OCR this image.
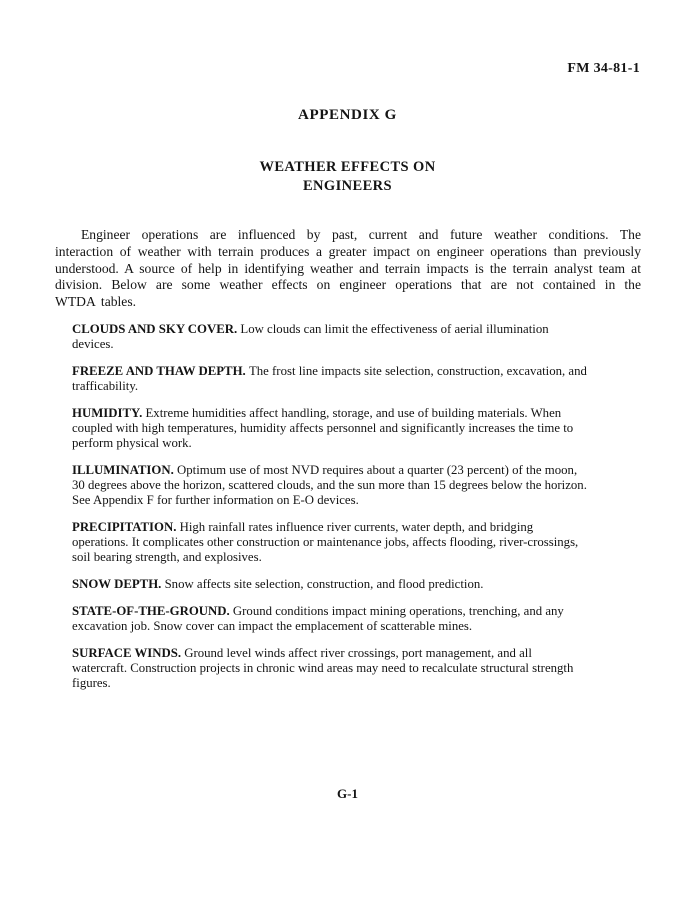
FM 34-81-1
APPENDIX G
WEATHER EFFECTS ON
ENGINEERS

Engineer operations are influenced by past, current and future weather conditions. The interaction of weather with terrain produces a greater impact on engineer operations than previously understood. A source of help in identifying weather and terrain impacts is the terrain analyst team at division. Below are some weather effects on engineer operations that are not contained in the WTDA tables.

CLOUDS AND SKY COVER. Low clouds can limit the effectiveness of aerial illumination devices.

FREEZE AND THAW DEPTH. The frost line impacts site selection, construction, excavation, and trafficability.

HUMIDITY. Extreme humidities affect handling, storage, and use of building materials. When coupled with high temperatures, humidity affects personnel and significantly increases the time to perform physical work.

ILLUMINATION. Optimum use of most NVD requires about a quarter (23 percent) of the moon, 30 degrees above the horizon, scattered clouds, and the sun more than 15 degrees below the horizon. See Appendix F for further information on E-O devices.

PRECIPITATION. High rainfall rates influence river currents, water depth, and bridging operations. It complicates other construction or maintenance jobs, affects flooding, river-crossings, soil bearing strength, and explosives.

SNOW DEPTH. Snow affects site selection, construction, and flood prediction.

STATE-OF-THE-GROUND. Ground conditions impact mining operations, trenching, and any excavation job. Snow cover can impact the emplacement of scatterable mines.

SURFACE WINDS. Ground level winds affect river crossings, port management, and all watercraft. Construction projects in chronic wind areas may need to recalculate structural strength figures.

G-1
